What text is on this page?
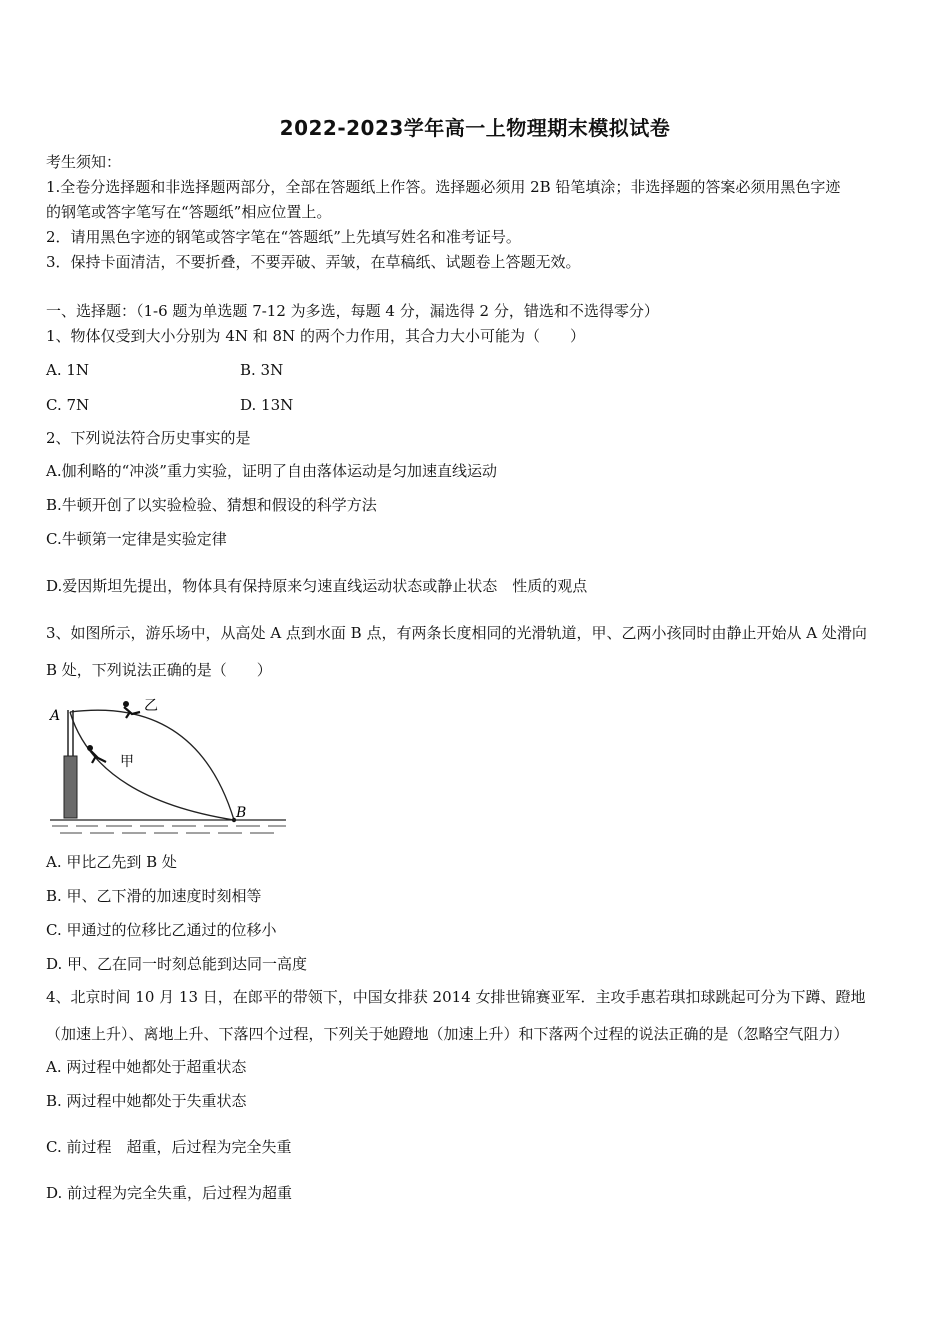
2022-2023学年高一上物理期末模拟试卷
考生须知：
1.全卷分选择题和非选择题两部分，全部在答题纸上作答。选择题必须用 2B 铅笔填涂；非选择题的答案必须用黑色字迹
的钢笔或答字笔写在“答题纸”相应位置上。
2．请用黑色字迹的钢笔或答字笔在“答题纸”上先填写姓名和准考证号。
3．保持卡面清洁，不要折叠，不要弄破、弄皱，在草稿纸、试题卷上答题无效。
一、选择题：（1-6 题为单选题 7-12 为多选，每题 4 分，漏选得 2 分，错选和不选得零分）
1、物体仅受到大小分别为 4N 和 8N 的两个力作用，其合力大小可能为（　　）
A. 1N	B. 3N
C. 7N	D. 13N
2、下列说法符合历史事实的是
A.伽利略的“冲淡”重力实验，证明了自由落体运动是匀加速直线运动
B.牛顿开创了以实验检验、猜想和假设的科学方法
C.牛顿第一定律是实验定律
D.爱因斯坦先提出，物体具有保持原来匀速直线运动状态或静止状态　性质的观点
3、如图所示，游乐场中，从高处 A 点到水面 B 点，有两条长度相同的光滑轨道，甲、乙两小孩同时由静止开始从 A 处滑向
B 处，下列说法正确的是（　　）
A
B
乙
甲
A. 甲比乙先到 B 处
B. 甲、乙下滑的加速度时刻相等
C. 甲通过的位移比乙通过的位移小
D. 甲、乙在同一时刻总能到达同一高度
4、北京时间 10 月 13 日，在郎平的带领下，中国女排获 2014 女排世锦赛亚军．主攻手惠若琪扣球跳起可分为下蹲、蹬地
（加速上升）、离地上升、下落四个过程，下列关于她蹬地（加速上升）和下落两个过程的说法正确的是（忽略空气阻力）
A. 两过程中她都处于超重状态
B. 两过程中她都处于失重状态
C. 前过程　超重，后过程为完全失重
D. 前过程为完全失重，后过程为超重
